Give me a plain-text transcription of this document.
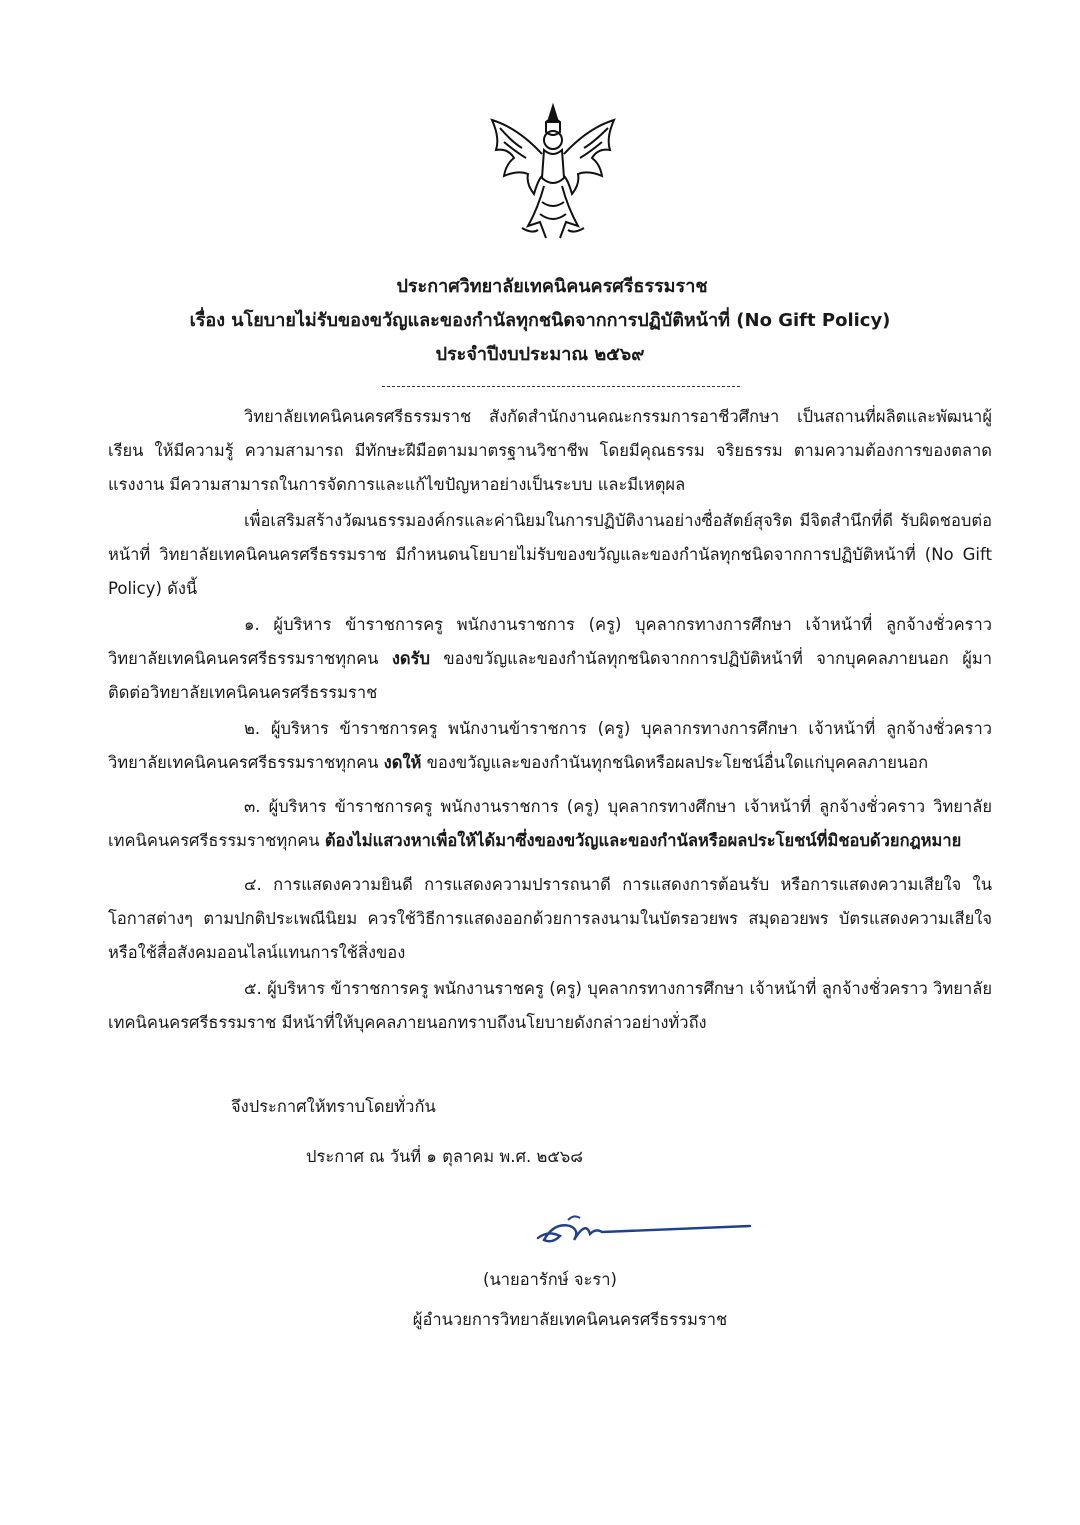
ประกาศวิทยาลัยเทคนิคนครศรีธรรมราช
เรื่อง นโยบายไม่รับของขวัญและของกำนัลทุกชนิดจากการปฏิบัติหน้าที่ (No Gift Policy)
ประจำปีงบประมาณ ๒๕๖๙

วิทยาลัยเทคนิคนครศรีธรรมราช สังกัดสำนักงานคณะกรรมการอาชีวศึกษา เป็นสถานที่ผลิตและพัฒนาผู้เรียน ให้มีความรู้ ความสามารถ มีทักษะฝีมือตามมาตรฐานวิชาชีพ โดยมีคุณธรรม จริยธรรม ตามความต้องการของตลาดแรงงาน มีความสามารถในการจัดการและแก้ไขปัญหาอย่างเป็นระบบ และมีเหตุผล

เพื่อเสริมสร้างวัฒนธรรมองค์กรและค่านิยมในการปฏิบัติงานอย่างซื่อสัตย์สุจริต มีจิตสำนึกที่ดี รับผิดชอบต่อหน้าที่ วิทยาลัยเทคนิคนครศรีธรรมราช มีกำหนดนโยบายไม่รับของขวัญและของกำนัลทุกชนิดจากการปฏิบัติหน้าที่ (No Gift Policy) ดังนี้

๑. ผู้บริหาร ข้าราชการครู พนักงานราชการ (ครู) บุคลากรทางการศึกษา เจ้าหน้าที่ ลูกจ้างชั่วคราว วิทยาลัยเทคนิคนครศรีธรรมราชทุกคน งดรับ ของขวัญและของกำนัลทุกชนิดจากการปฏิบัติหน้าที่ จากบุคคลภายนอก ผู้มาติดต่อวิทยาลัยเทคนิคนครศรีธรรมราช

๒. ผู้บริหาร ข้าราชการครู พนักงานข้าราชการ (ครู) บุคลากรทางการศึกษา เจ้าหน้าที่ ลูกจ้างชั่วคราว วิทยาลัยเทคนิคนครศรีธรรมราชทุกคน งดให้ ของขวัญและของกำนันทุกชนิดหรือผลประโยชน์อื่นใดแก่บุคคลภายนอก

๓. ผู้บริหาร ข้าราชการครู พนักงานราชการ (ครู) บุคลากรทางศึกษา เจ้าหน้าที่ ลูกจ้างชั่วคราว วิทยาลัยเทคนิคนครศรีธรรมราชทุกคน ต้องไม่แสวงหาเพื่อให้ได้มาซึ่งของขวัญและของกำนัลหรือผลประโยชน์ที่มิชอบด้วยกฎหมาย

๔. การแสดงความยินดี การแสดงความปรารถนาดี การแสดงการต้อนรับ หรือการแสดงความเสียใจ ในโอกาสต่างๆ ตามปกติประเพณีนิยม ควรใช้วิธีการแสดงออกด้วยการลงนามในบัตรอวยพร สมุดอวยพร บัตรแสดงความเสียใจ หรือใช้สื่อสังคมออนไลน์แทนการใช้สิ่งของ

๕. ผู้บริหาร ข้าราชการครู พนักงานราชครู (ครู) บุคลากรทางการศึกษา เจ้าหน้าที่ ลูกจ้างชั่วคราว วิทยาลัยเทคนิคนครศรีธรรมราช มีหน้าที่ให้บุคคลภายนอกทราบถึงนโยบายดังกล่าวอย่างทั่วถึง

จึงประกาศให้ทราบโดยทั่วกัน
ประกาศ ณ วันที่ ๑ ตุลาคม พ.ศ. ๒๕๖๘
(นายอารักษ์ จะรา)
ผู้อำนวยการวิทยาลัยเทคนิคนครศรีธรรมราช
